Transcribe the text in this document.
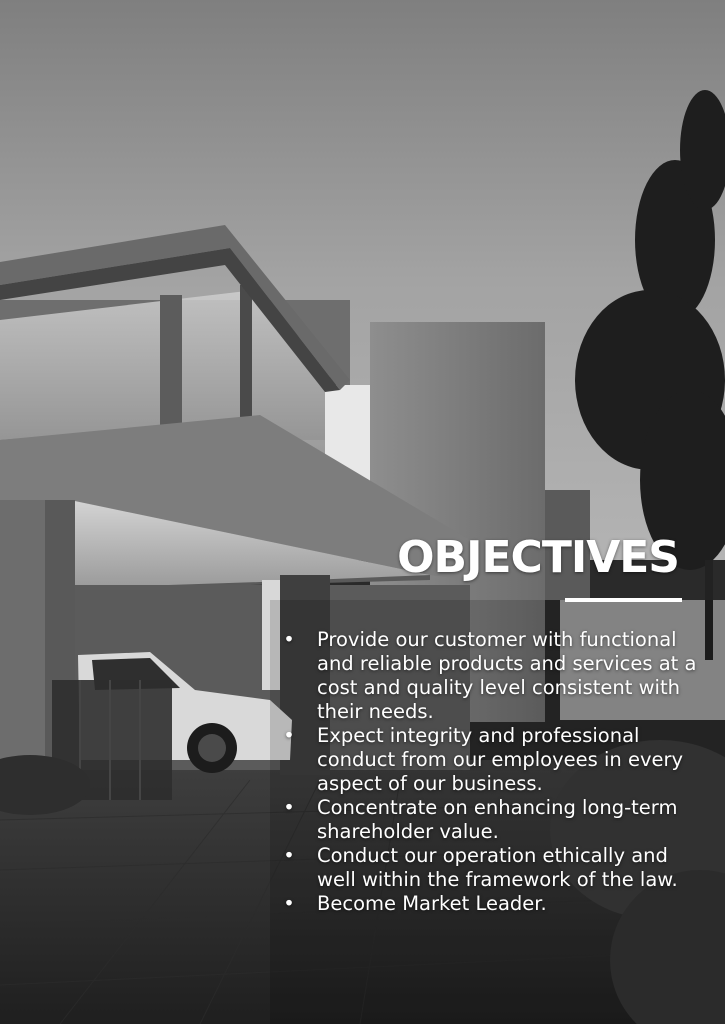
OBJECTIVES
• Provide our customer with functional and reliable products and services at a cost and quality level consistent with their needs.
• Expect integrity and professional conduct from our employees in every aspect of our business.
• Concentrate on enhancing long-term shareholder value.
• Conduct our operation ethically and well within the framework of the law.
• Become Market Leader.
